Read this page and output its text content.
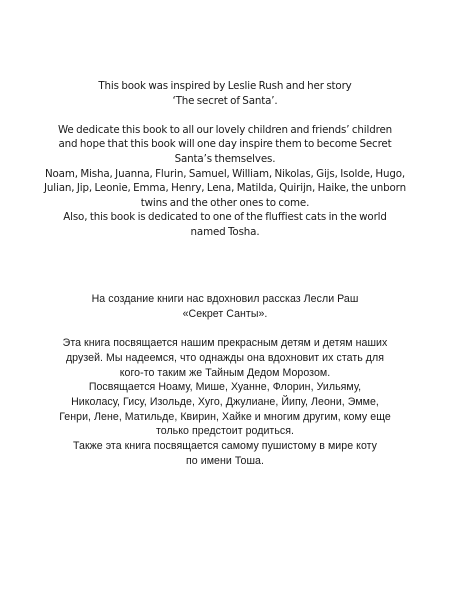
This book was inspired by Leslie Rush and her story
‘The secret of Santa’.

We dedicate this book to all our lovely children and friends’ children
and hope that this book will one day inspire them to become Secret
Santa’s themselves.
Noam, Misha, Juanna, Flurin, Samuel, William, Nikolas, Gijs, Isolde, Hugo,
Julian, Jip, Leonie, Emma, Henry, Lena, Matilda, Quirijn, Haike, the unborn
twins and the other ones to come.
Also, this book is dedicated to one of the fluffiest cats in the world
named Tosha.

На создание книги нас вдохновил рассказ Лесли Раш
«Секрет Санты».

Эта книга посвящается нашим прекрасным детям и детям наших
друзей. Мы надеемся, что однажды она вдохновит их стать для
кого-то таким же Тайным Дедом Морозом.
Посвящается Ноаму, Мише, Хуанне, Флорин, Уильяму,
Николасу, Гису, Изольде, Хуго, Джулиане, Йипу, Леони, Эмме,
Генри, Лене, Матильде, Квирин, Хайке и многим другим, кому еще
только предстоит родиться.
Также эта книга посвящается самому пушистому в мире коту
по имени Тоша.
